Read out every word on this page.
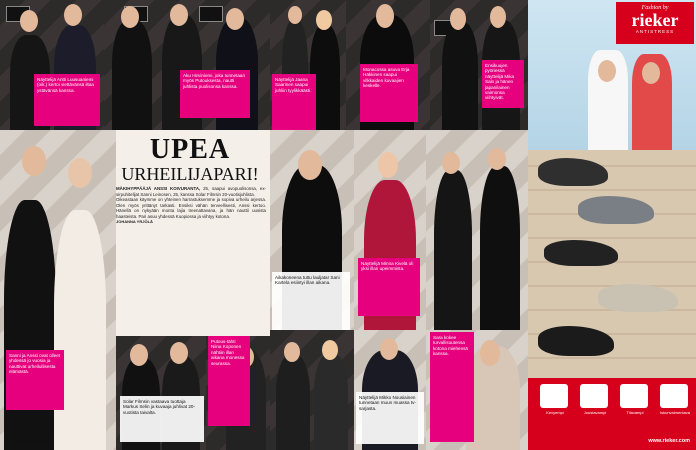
Näyttelijä Antti Luusuaniemi (oik.) kertoi viettävänsä iltaa ystävänsä kanssa.
Aku Hirviniemi, joka tunnetaan myös Putouksesta, nautti juhlista puolisonsa kanssa.
Näyttelijä Jaana Saarinen saapui juhliin tyylikkäästi.
Monacossa asuva Erja Häkkinen saapui vilkkaiden kuvaajien keskelle.
Ensikuujen pyöriessä näyttelijä Mika Salo ja hänen japanilainen vaimonsa viihtyivät.
Sanni ja Anssi ovat olleet yhdessä jo vuosia ja nauttivat urheilullisesta elämästä.
12 KESKIVIIKKO
UPEA
URHEILIJAPARI!

MÄKIHYPPÄÄJÄ ANSSI KOIVURANTA, 25, saapui avopuolisonsa, ex-sirpuhitelijat Sanni Leinosen, 25, kanssa Solar Filmsin 20-vuotisjuhlista.

Oikeastaan käymme on yhteinen harrastuksemme ja sopiva urheilu arjessa. Olen myös yrittänyt tarkasti. Ensiksi vähän terveellisesti, Anssi kertoo. Hänellä on nykyään monta lajia treenattavana, ja hän nauttii uusista haasteista. Pari asuu yhdessä Kuopiossa ja viihtyy kotona.

JOHANNA YRJÖLÄ

Solar Filmsin vastaava tuottaja Markus Selin ja kuvaaja juhlivat 20-vuotista taivalta.
Putous-tähti Niina Koponen nähtiin illan aikana monessa seurassa.
Aikakoneena tuttu lauljatar Sani Kartela esiintyi illan aikana.
Näyttelijä Minna Kivelä oli yksi illan upeimmista.
Näyttelijä Mikko Nousiainen tunnetaan muun muassa tv-sarjasta.
Sara kokee turvallisuutensa kotona miehensä kanssa.
Kevyempi	Joustavampi	Tilavampi	Iskunvaimentava
www.rieker.com
Fashion by
rieker
ANTISTRESS
